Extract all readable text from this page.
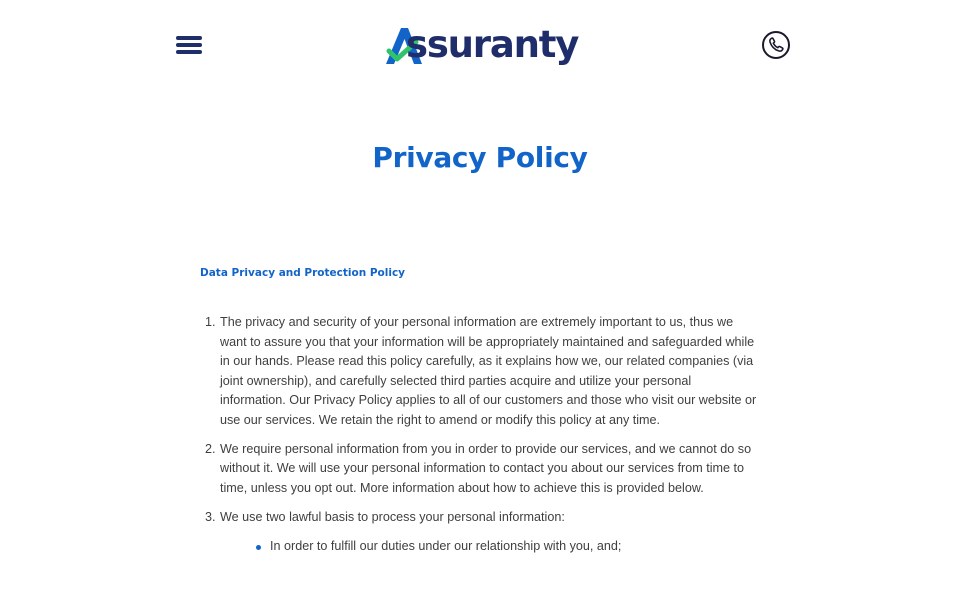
ssuranty
Privacy Policy
Data Privacy and Protection Policy
1. The privacy and security of your personal information are extremely important to us, thus we want to assure you that your information will be appropriately maintained and safeguarded while in our hands. Please read this policy carefully, as it explains how we, our related companies (via joint ownership), and carefully selected third parties acquire and utilize your personal information. Our Privacy Policy applies to all of our customers and those who visit our website or use our services. We retain the right to amend or modify this policy at any time.
2. We require personal information from you in order to provide our services, and we cannot do so without it. We will use your personal information to contact you about our services from time to time, unless you opt out. More information about how to achieve this is provided below.
3. We use two lawful basis to process your personal information:
In order to fulfill our duties under our relationship with you, and;
